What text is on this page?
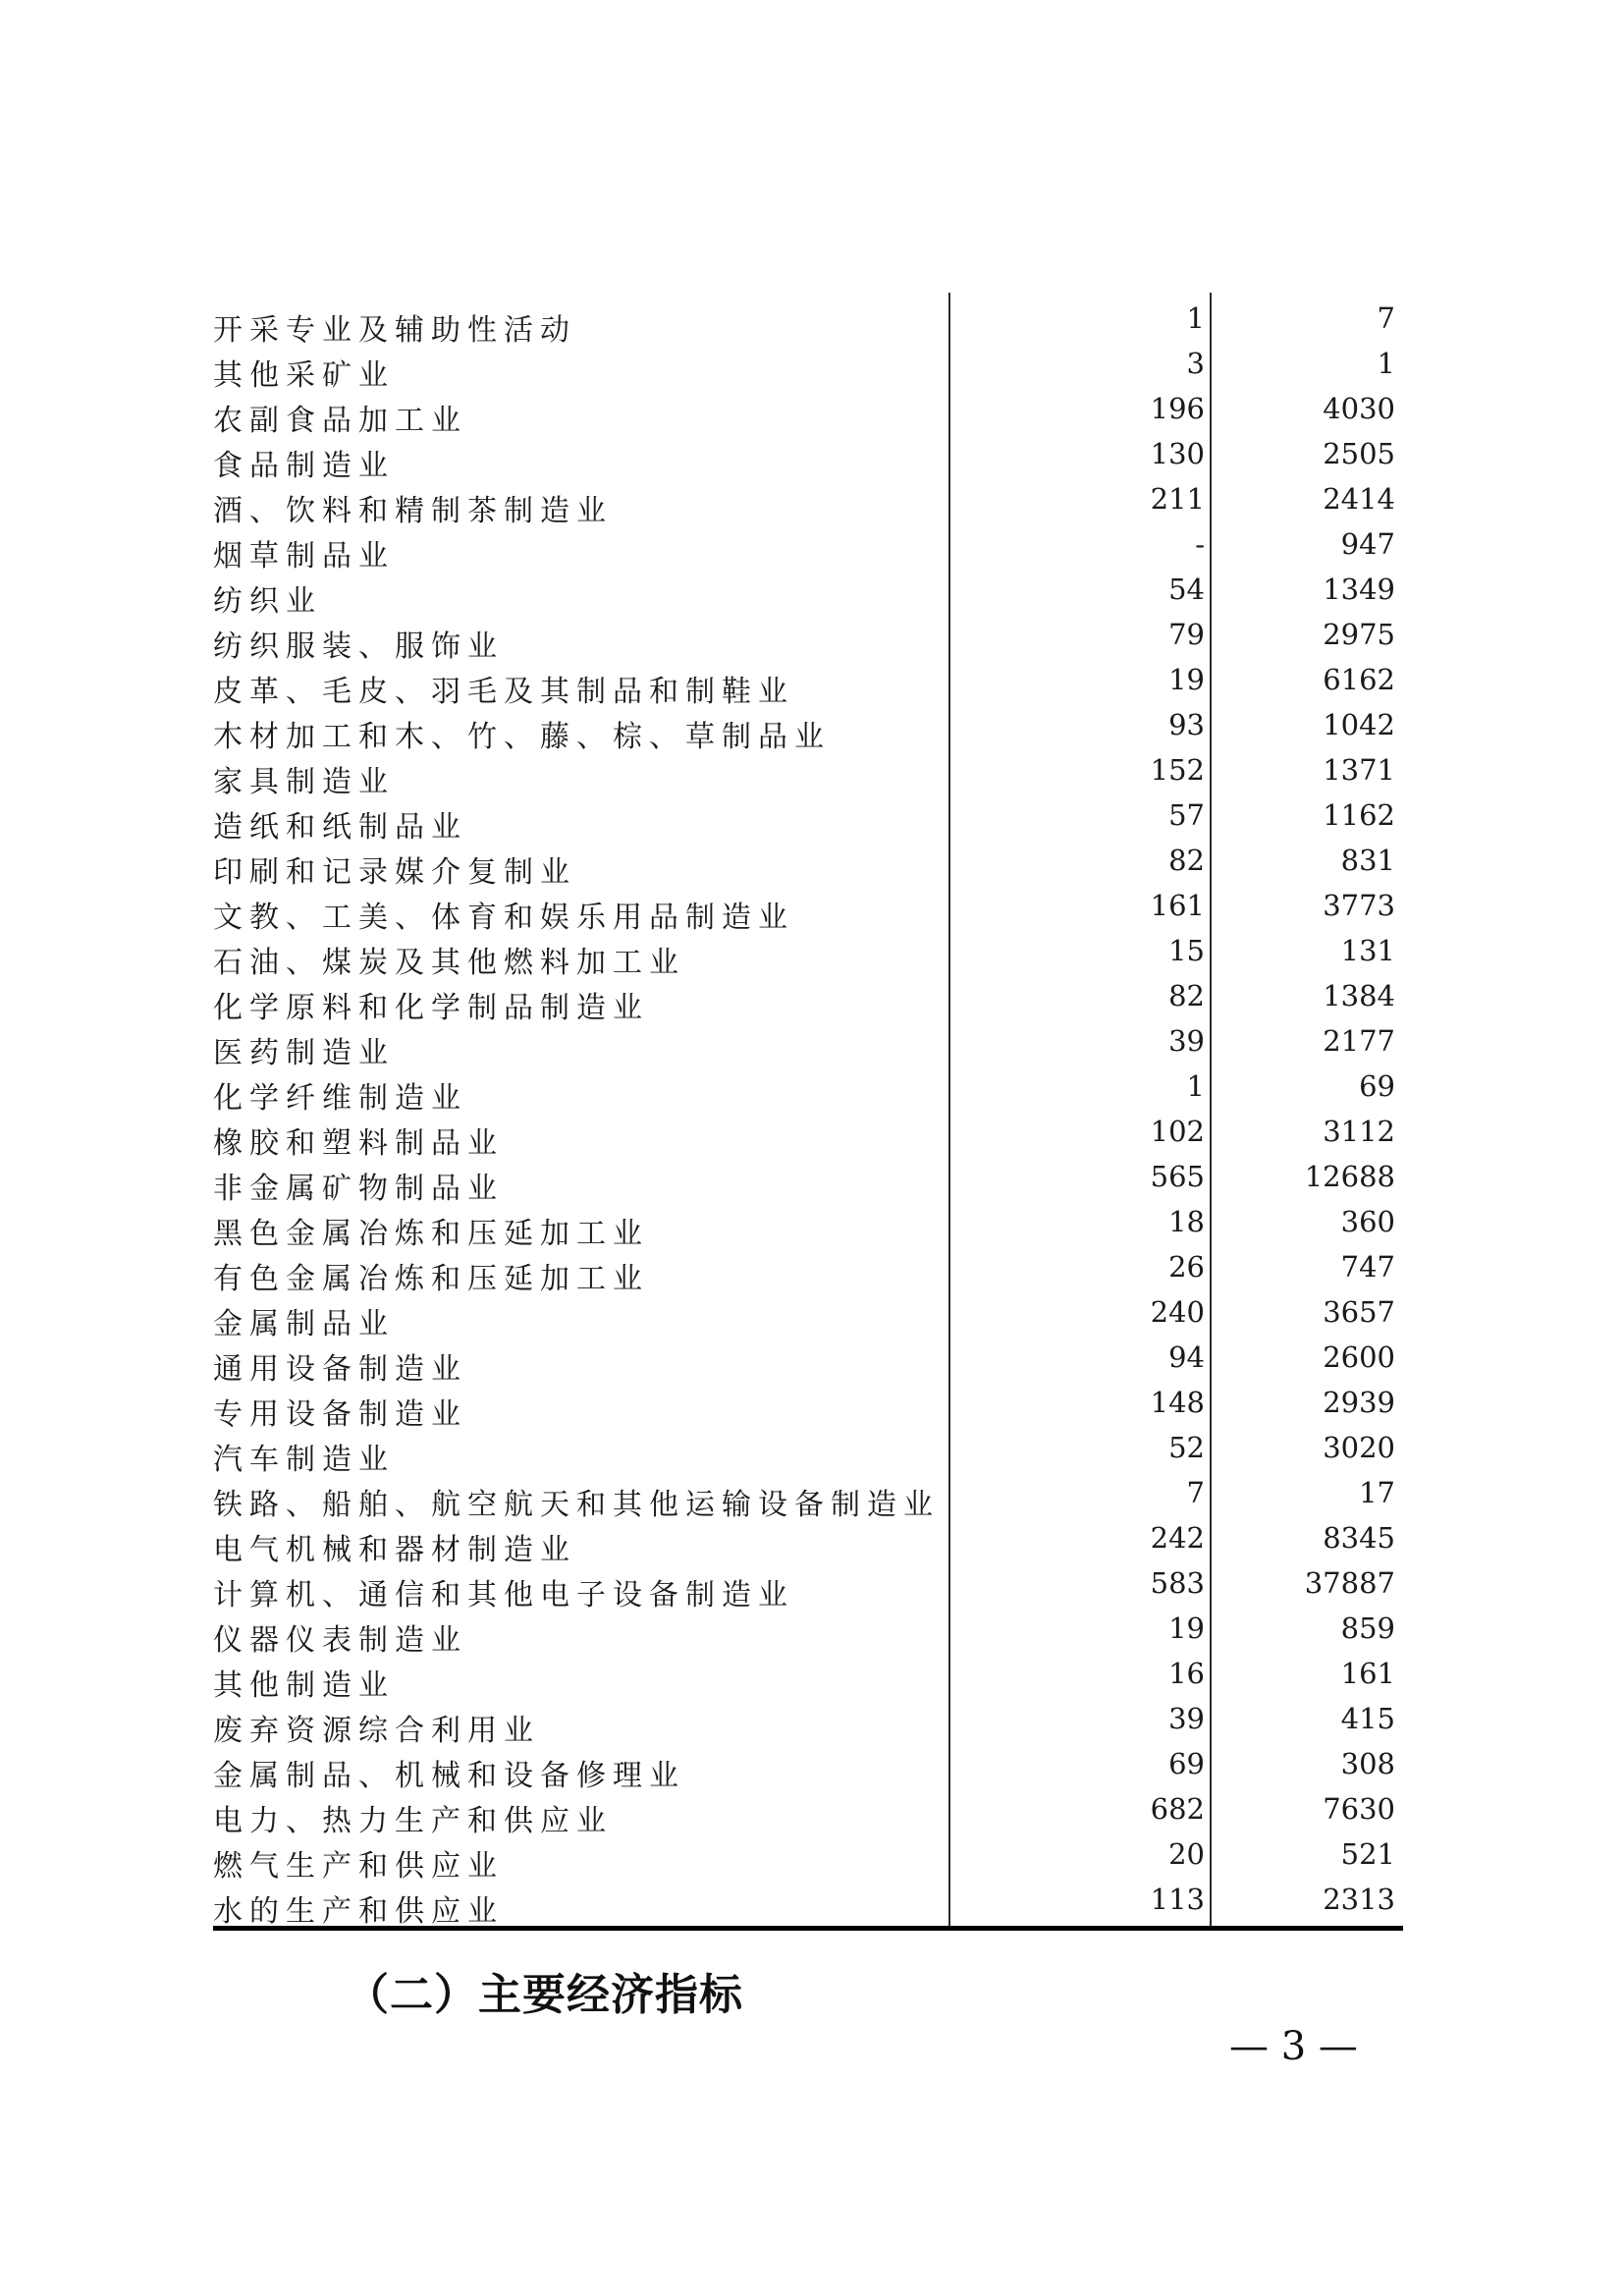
开采专业及辅助性活动	1	7
其他采矿业	3	1
农副食品加工业	196	4030
食品制造业	130	2505
酒、饮料和精制茶制造业	211	2414
烟草制品业	-	947
纺织业	54	1349
纺织服装、服饰业	79	2975
皮革、毛皮、羽毛及其制品和制鞋业	19	6162
木材加工和木、竹、藤、棕、草制品业	93	1042
家具制造业	152	1371
造纸和纸制品业	57	1162
印刷和记录媒介复制业	82	831
文教、工美、体育和娱乐用品制造业	161	3773
石油、煤炭及其他燃料加工业	15	131
化学原料和化学制品制造业	82	1384
医药制造业	39	2177
化学纤维制造业	1	69
橡胶和塑料制品业	102	3112
非金属矿物制品业	565	12688
黑色金属冶炼和压延加工业	18	360
有色金属冶炼和压延加工业	26	747
金属制品业	240	3657
通用设备制造业	94	2600
专用设备制造业	148	2939
汽车制造业	52	3020
铁路、船舶、航空航天和其他运输设备制造业	7	17
电气机械和器材制造业	242	8345
计算机、通信和其他电子设备制造业	583	37887
仪器仪表制造业	19	859
其他制造业	16	161
废弃资源综合利用业	39	415
金属制品、机械和设备修理业	69	308
电力、热力生产和供应业	682	7630
燃气生产和供应业	20	521
水的生产和供应业	113	2313
（二）主要经济指标
— 3 —
